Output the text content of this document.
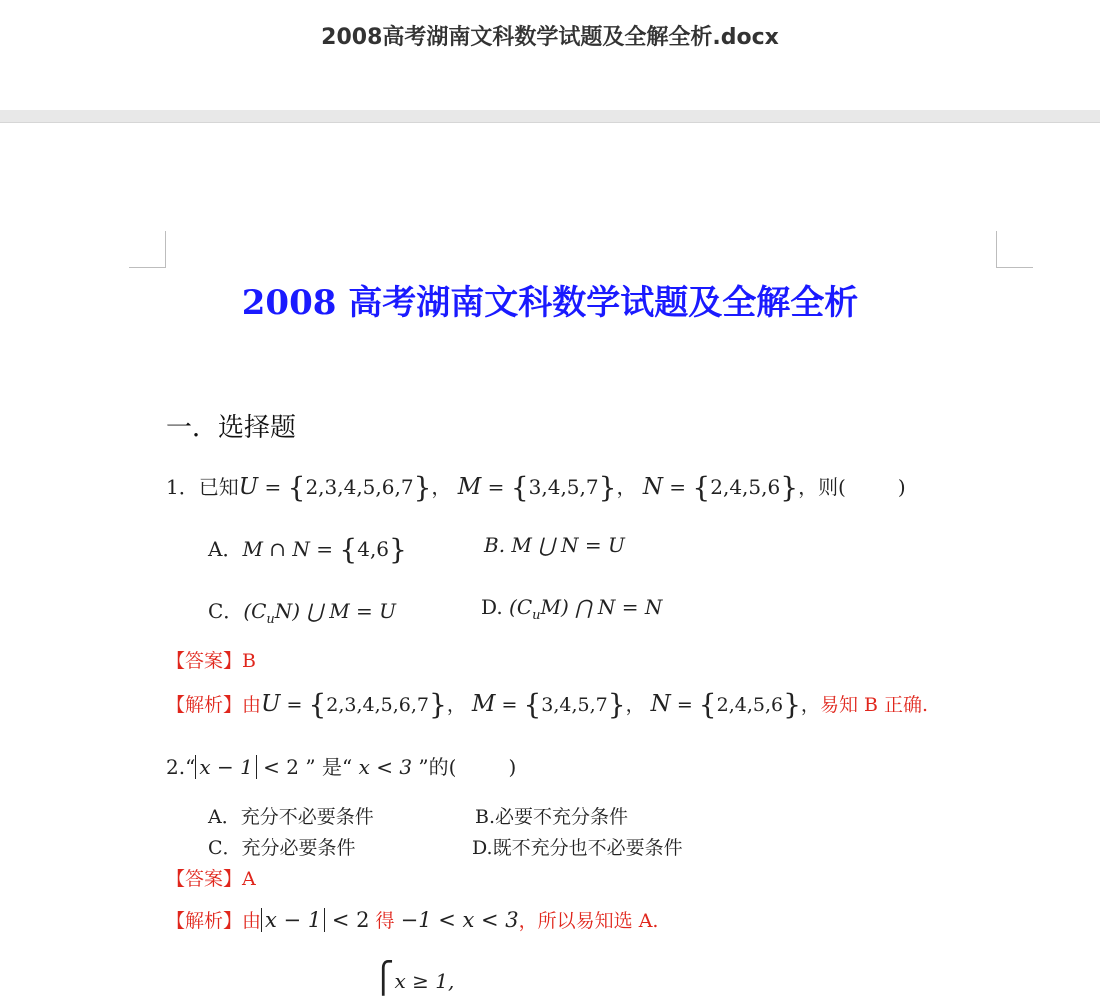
2008高考湖南文科数学试题及全解全析.docx
2008 高考湖南文科数学试题及全解全析
一．选择题
1．已知U = {2,3,4,5,6,7}， M = {3,4,5,7}， N = {2,4,5,6}，则(	)
A．M ∩ N = {4,6}	B. M ⋃ N = U
C．$(C_uN)$ ⋃ M = U	D. $(C_uM)$ ⋂ N = N
【答案】B
【解析】由U = {2,3,4,5,6,7}， M = {3,4,5,7}， N = {2,4,5,6}，易知 B 正确.
2.“ x − 1 < 2 ” 是“ x < 3 ”的(	)
A．充分不必要条件	B.必要不充分条件
C．充分必要条件	D.既不充分也不必要条件
【答案】A
【解析】由 x − 1 < 2 得 −1 < x < 3，所以易知选 A.
⎧x ≥ 1,
